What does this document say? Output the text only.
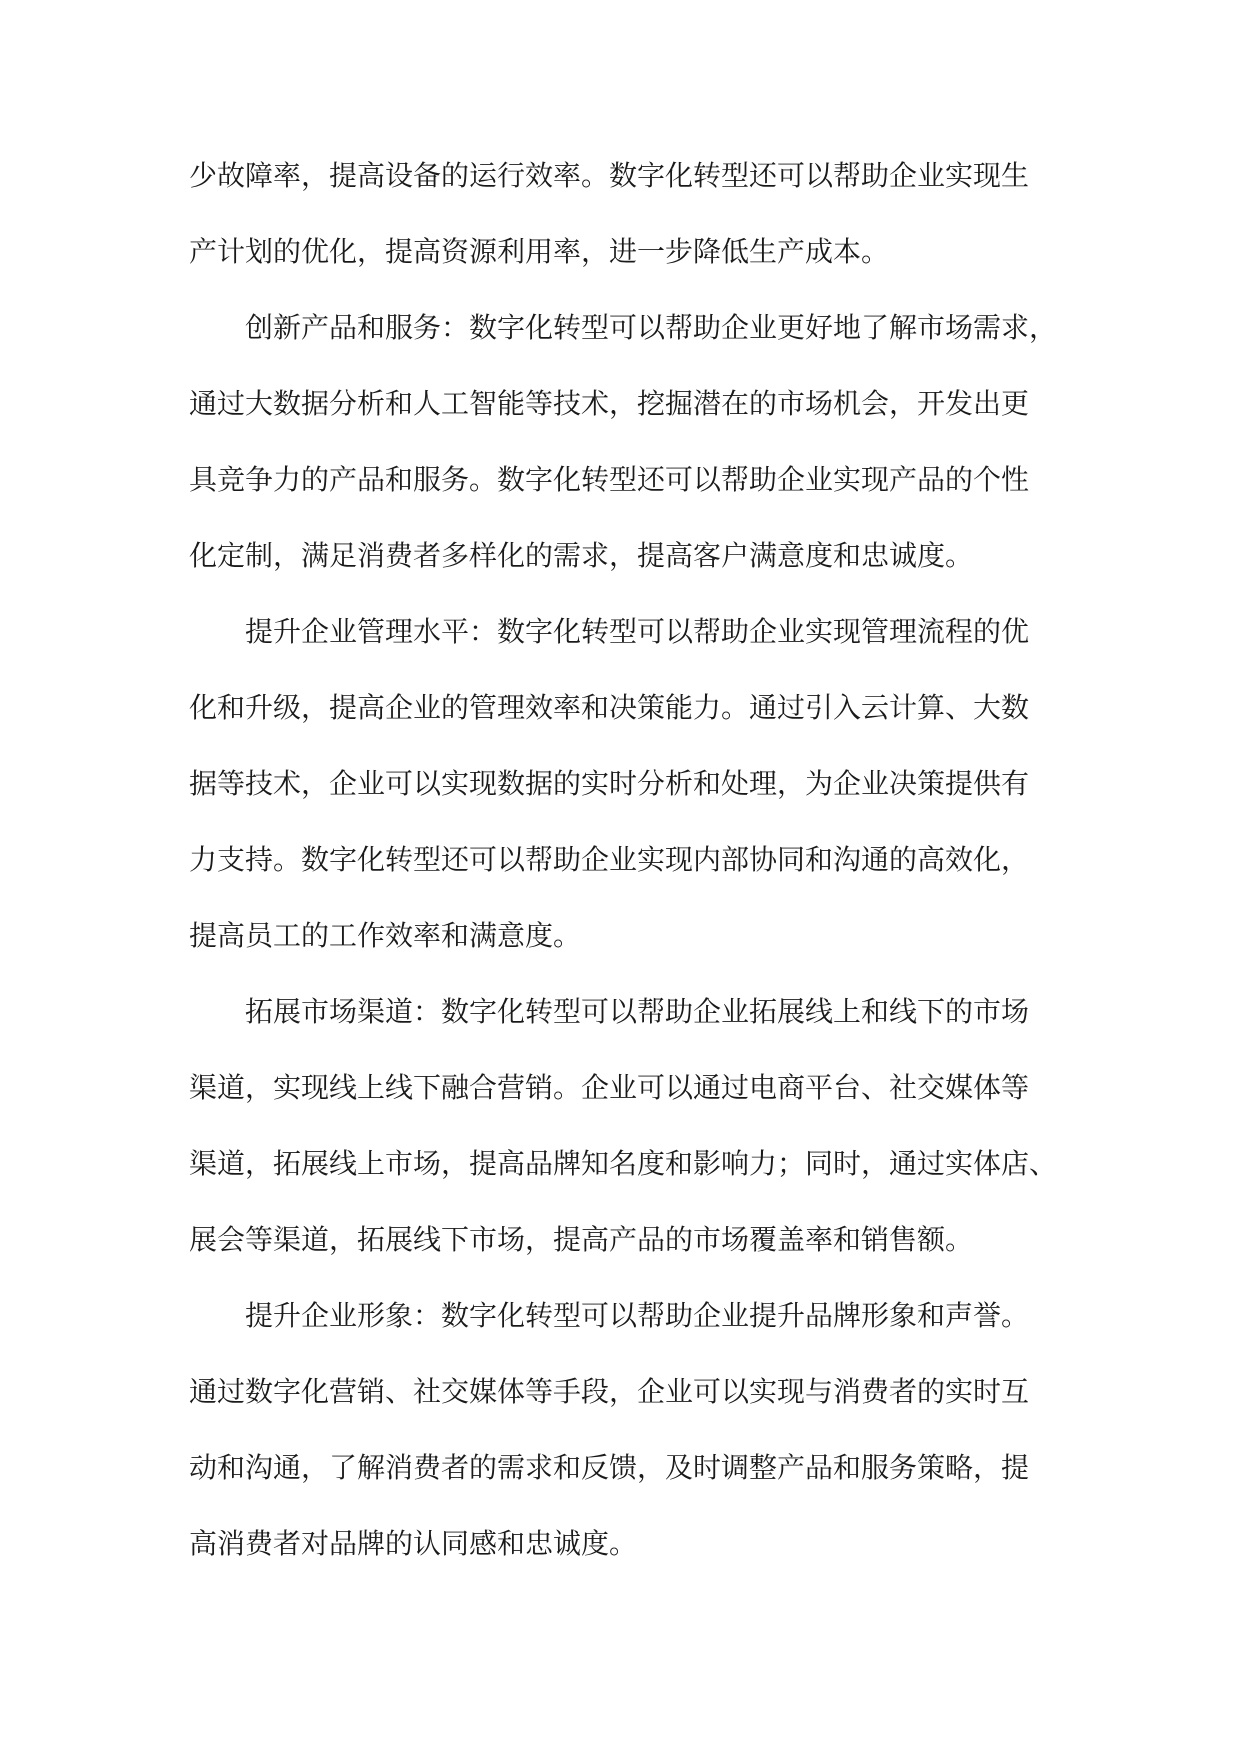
少故障率，提高设备的运行效率。数字化转型还可以帮助企业实现生
产计划的优化，提高资源利用率，进一步降低生产成本。
创新产品和服务：数字化转型可以帮助企业更好地了解市场需求，
通过大数据分析和人工智能等技术，挖掘潜在的市场机会，开发出更
具竞争力的产品和服务。数字化转型还可以帮助企业实现产品的个性
化定制，满足消费者多样化的需求，提高客户满意度和忠诚度。
提升企业管理水平：数字化转型可以帮助企业实现管理流程的优
化和升级，提高企业的管理效率和决策能力。通过引入云计算、大数
据等技术，企业可以实现数据的实时分析和处理，为企业决策提供有
力支持。数字化转型还可以帮助企业实现内部协同和沟通的高效化，
提高员工的工作效率和满意度。
拓展市场渠道：数字化转型可以帮助企业拓展线上和线下的市场
渠道，实现线上线下融合营销。企业可以通过电商平台、社交媒体等
渠道，拓展线上市场，提高品牌知名度和影响力；同时，通过实体店、
展会等渠道，拓展线下市场，提高产品的市场覆盖率和销售额。
提升企业形象：数字化转型可以帮助企业提升品牌形象和声誉。
通过数字化营销、社交媒体等手段，企业可以实现与消费者的实时互
动和沟通，了解消费者的需求和反馈，及时调整产品和服务策略，提
高消费者对品牌的认同感和忠诚度。
